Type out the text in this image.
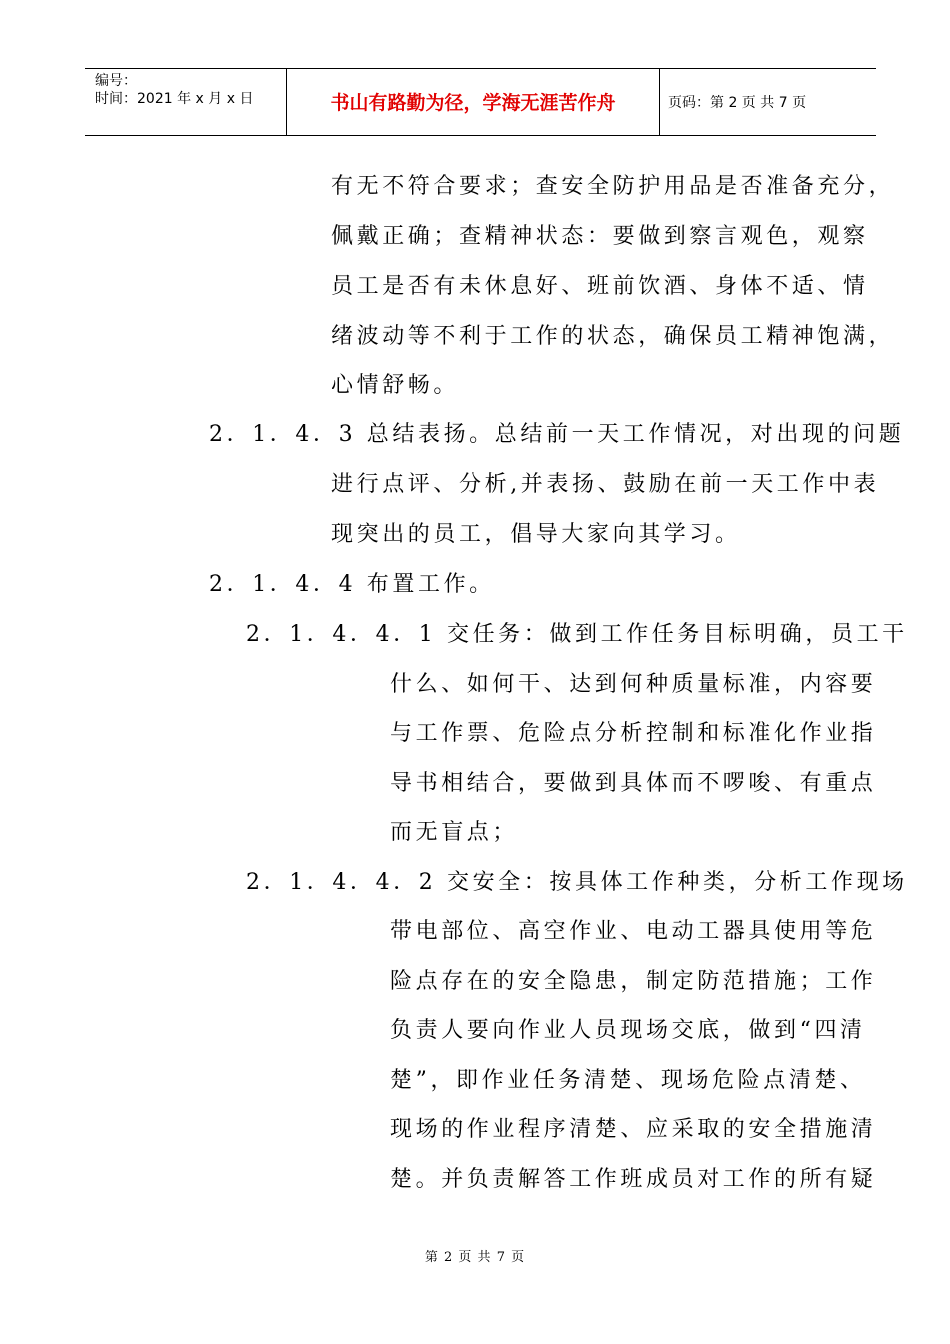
编号：
时间：2021 年 x 月 x 日	书山有路勤为径，学海无涯苦作舟	页码：第 2 页 共 7 页
有无不符合要求；查安全防护用品是否准备充分，
佩戴正确；查精神状态：要做到察言观色，观察
员工是否有未休息好、班前饮酒、身体不适、情
绪波动等不利于工作的状态，确保员工精神饱满，
心情舒畅。
2．1．4．3 总结表扬。总结前一天工作情况，对出现的问题
进行点评、分析,并表扬、鼓励在前一天工作中表
现突出的员工，倡导大家向其学习。
2．1．4．4 布置工作。
2．1．4．4．1 交任务：做到工作任务目标明确，员工干
什么、如何干、达到何种质量标准，内容要
与工作票、危险点分析控制和标准化作业指
导书相结合，要做到具体而不啰唆、有重点
而无盲点；
2．1．4．4．2 交安全：按具体工作种类，分析工作现场
带电部位、高空作业、电动工器具使用等危
险点存在的安全隐患，制定防范措施；工作
负责人要向作业人员现场交底，做到“四清
楚”，即作业任务清楚、现场危险点清楚、
现场的作业程序清楚、应采取的安全措施清
楚。并负责解答工作班成员对工作的所有疑
第 2 页 共 7 页
